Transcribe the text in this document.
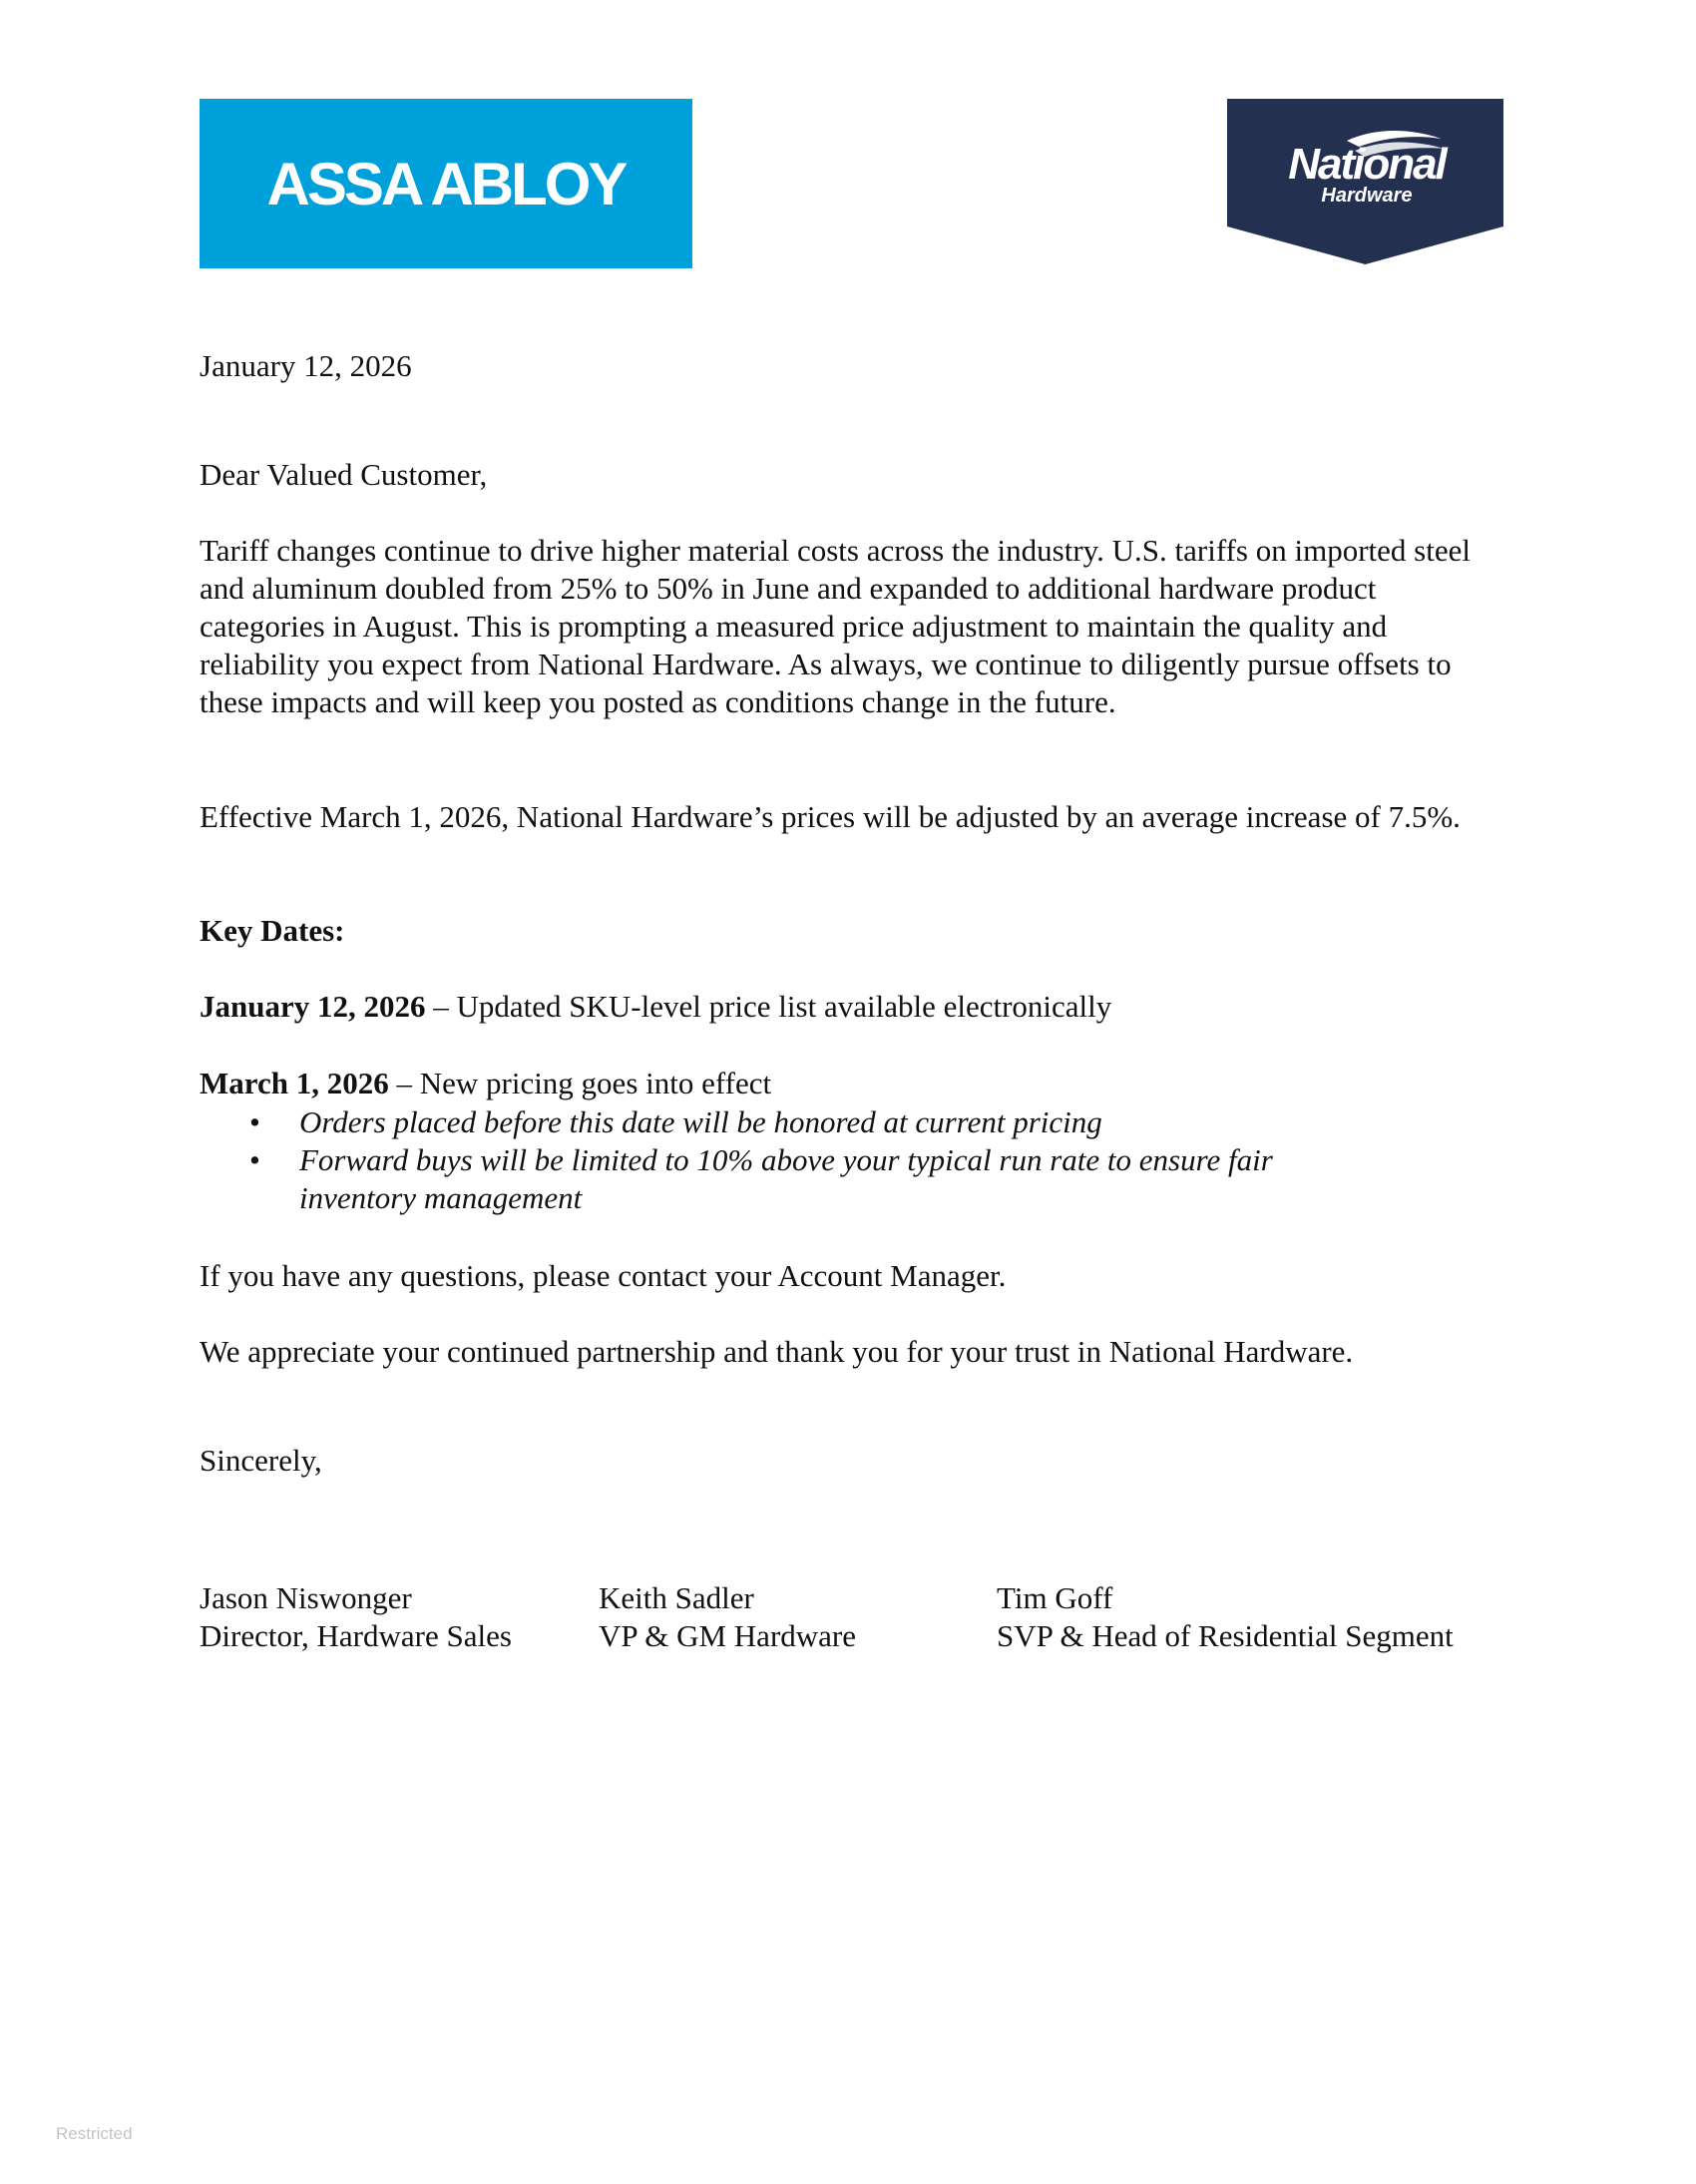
ASSA ABLOY	National
Hardware

January 12, 2026

Dear Valued Customer,

Tariff changes continue to drive higher material costs across the industry. U.S. tariffs on imported steel and aluminum doubled from 25% to 50% in June and expanded to additional hardware product categories in August. This is prompting a measured price adjustment to maintain the quality and reliability you expect from National Hardware. As always, we continue to diligently pursue offsets to these impacts and will keep you posted as conditions change in the future.

Effective March 1, 2026, National Hardware’s prices will be adjusted by an average increase of 7.5%.

Key Dates:

January 12, 2026 – Updated SKU-level price list available electronically

March 1, 2026 – New pricing goes into effect

• Orders placed before this date will be honored at current pricing
• Forward buys will be limited to 10% above your typical run rate to ensure fair inventory management

If you have any questions, please contact your Account Manager.

We appreciate your continued partnership and thank you for your trust in National Hardware.

Sincerely,

Jason Niswonger
Director, Hardware Sales
Keith Sadler
VP & GM Hardware
Tim Goff
SVP & Head of Residential Segment
Restricted
